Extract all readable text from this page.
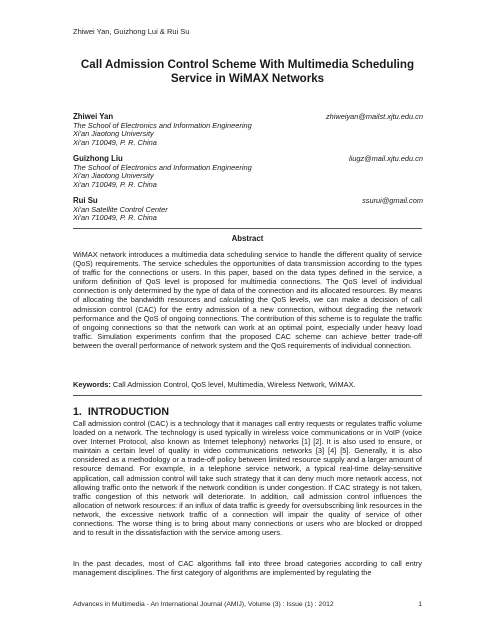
Zhiwei Yan, Guizhong Lui & Rui Su
Call Admission Control Scheme With Multimedia Scheduling Service in WiMAX Networks
Zhiwei Yan	zhiweiyan@mailst.xjtu.edu.cn
The School of Electronics and Information Engineering
Xi'an Jiaotong University
Xi'an 710049, P. R. China
Guizhong Liu	liugz@mail.xjtu.edu.cn
The School of Electronics and Information Engineering
Xi'an Jiaotong University
Xi'an 710049, P. R. China
Rui Su	ssurui@gmail.com
Xi'an Satellite Control Center
Xi'an 710049, P. R. China
Abstract

WiMAX network introduces a multimedia data scheduling service to handle the different quality of service (QoS) requirements. The service schedules the opportunities of data transmission according to the types of traffic for the connections or users. In this paper, based on the data types defined in the service, a uniform definition of QoS level is proposed for multimedia connections. The QoS level of individual connection is only determined by the type of data of the connection and its allocated resources. By means of allocating the bandwidth resources and calculating the QoS levels, we can make a decision of call admission control (CAC) for the entry admission of a new connection, without degrading the network performance and the QoS of ongoing connections. The contribution of this scheme is to regulate the traffic of ongoing connections so that the network can work at an optimal point, especially under heavy load traffic. Simulation experiments confirm that the proposed CAC scheme can achieve better trade-off between the overall performance of network system and the QoS requirements of individual connection.

Keywords: Call Admission Control, QoS level, Multimedia, Wireless Network, WiMAX.

1. INTRODUCTION

Call admission control (CAC) is a technology that it manages call entry requests or regulates traffic volume loaded on a network. The technology is used typically in wireless voice communications or in VoIP (voice over Internet Protocol, also known as Internet telephony) networks [1] [2]. It is also used to ensure, or maintain a certain level of quality in video communications networks [3] [4] [5]. Generally, it is also considered as a methodology or a trade-off policy between limited resource supply and a larger amount of resource demand. For example, in a telephone service network, a typical real-time delay-sensitive application, call admission control will take such strategy that it can deny much more network access, not allowing traffic onto the network if the network condition is under congestion. If CAC strategy is not taken, traffic congestion of this network will deteriorate. In addition, call admission control influences the allocation of network resources: if an influx of data traffic is greedy for oversubscribing link resources in the network, the excessive network traffic of a connection will impair the quality of service of other connections. The worse thing is to bring about many connections or users who are blocked or dropped and to result in the dissatisfaction with the service among users.

In the past decades, most of CAC algorithms fall into three broad categories according to call entry management disciplines. The first category of algorithms are implemented by regulating the

Advances in Multimedia - An International Journal (AMIJ), Volume (3) : Issue (1) : 2012	1
